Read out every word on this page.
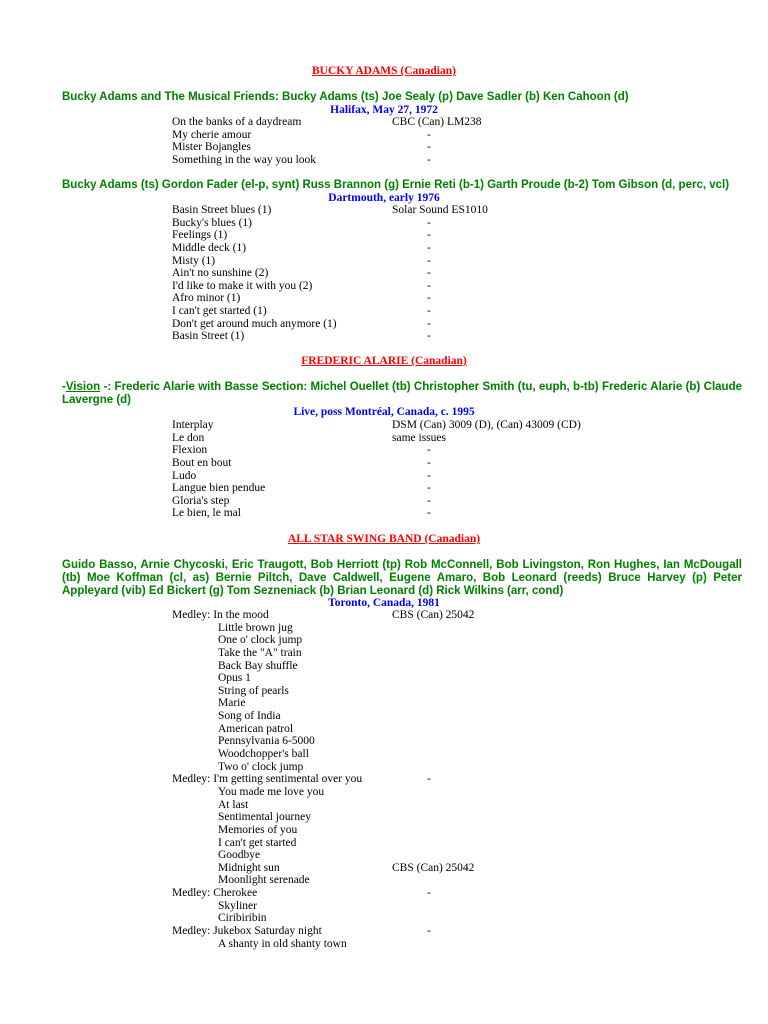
BUCKY ADAMS (Canadian)
Bucky Adams and The Musical Friends: Bucky Adams (ts) Joe Sealy (p) Dave Sadler (b) Ken Cahoon (d)
Halifax, May 27, 1972
On the banks of a daydream	CBC (Can) LM238
My cherie amour	-
Mister Bojangles	-
Something in the way you look	-
Bucky Adams (ts) Gordon Fader (el-p, synt) Russ Brannon (g) Ernie Reti (b-1) Garth Proude (b-2) Tom Gibson (d, perc, vcl)
Dartmouth, early 1976
Basin Street blues (1)	Solar Sound ES1010
Bucky's blues (1)	-
Feelings (1)	-
Middle deck (1)	-
Misty (1)	-
Ain't no sunshine (2)	-
I'd like to make it with you (2)	-
Afro minor (1)	-
I can't get started (1)	-
Don't get around much anymore (1)	-
Basin Street (1)	-
FREDERIC ALARIE (Canadian)
-Vision -: Frederic Alarie with Basse Section: Michel Ouellet (tb) Christopher Smith (tu, euph, b-tb) Frederic Alarie (b) Claude Lavergne (d)
Live, poss Montréal, Canada, c. 1995
Interplay	DSM (Can) 3009 (D), (Can) 43009 (CD)
Le don	same issues
Flexion	-
Bout en bout	-
Ludo	-
Langue bien pendue	-
Gloria's step	-
Le bien, le mal	-
ALL STAR SWING BAND (Canadian)
Guido Basso, Arnie Chycoski, Eric Traugott, Bob Herriott (tp) Rob McConnell, Bob Livingston, Ron Hughes, Ian McDougall (tb) Moe Koffman (cl, as) Bernie Piltch, Dave Caldwell, Eugene Amaro, Bob Leonard (reeds) Bruce Harvey (p) Peter Appleyard (vib) Ed Bickert (g) Tom Sezneniack (b) Brian Leonard (d) Rick Wilkins (arr, cond)
Toronto, Canada, 1981
Medley: In the mood	CBS (Can) 25042
Little brown jug
One o' clock jump
Take the "A" train
Back Bay shuffle
Opus 1
String of pearls
Marie
Song of India
American patrol
Pennsylvania 6-5000
Woodchopper's ball
Two o' clock jump
Medley: I'm getting sentimental over you	-
You made me love you
At last
Sentimental journey
Memories of you
I can't get started
Goodbye
Midnight sun	CBS (Can) 25042
Moonlight serenade
Medley: Cherokee	-
Skyliner
Ciribiribin
Medley: Jukebox Saturday night	-
A shanty in old shanty town
